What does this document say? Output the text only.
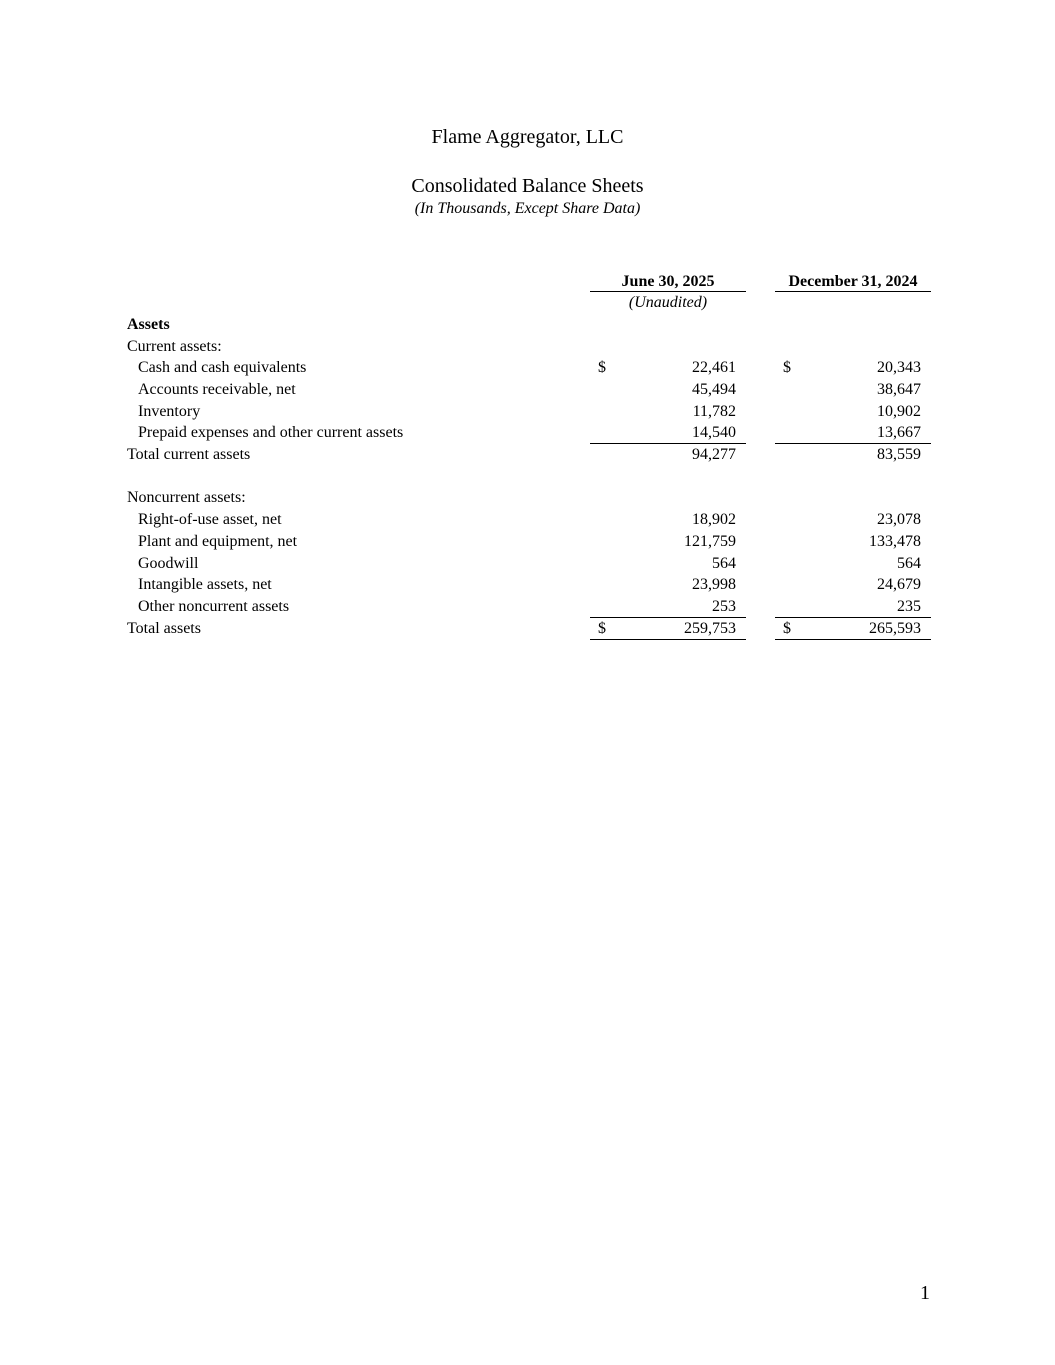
Flame Aggregator, LLC
Consolidated Balance Sheets
(In Thousands, Except Share Data)
June 30, 2025	December 31, 2024
(Unaudited)
Assets
Current assets:
Cash and cash equivalents	$	22,461	$	20,343
Accounts receivable, net	45,494	38,647
Inventory	11,782	10,902
Prepaid expenses and other current assets	14,540	13,667
Total current assets	94,277	83,559
Noncurrent assets:
Right-of-use asset, net	18,902	23,078
Plant and equipment, net	121,759	133,478
Goodwill	564	564
Intangible assets, net	23,998	24,679
Other noncurrent assets	253	235
Total assets	$	259,753	$	265,593
1
